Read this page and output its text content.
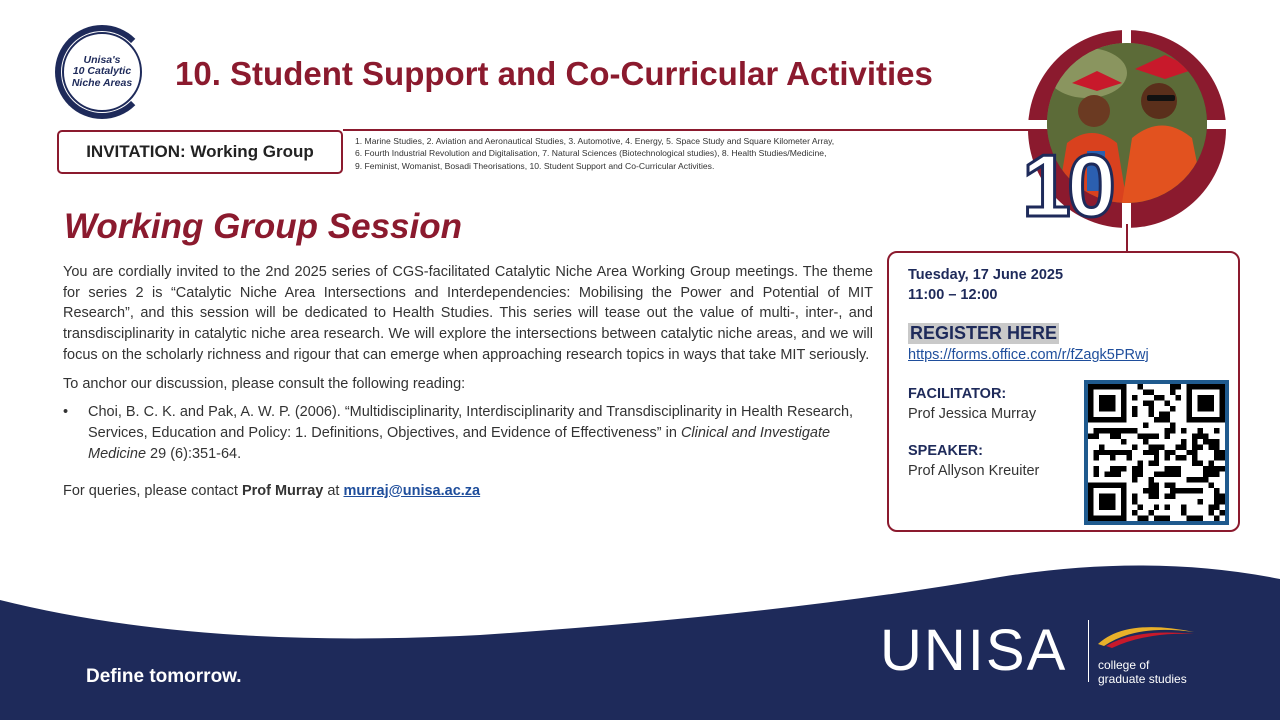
Unisa's
10 Catalytic
Niche Areas 10. Student Support and Co-Curricular Activities
INVITATION: Working Group
1. Marine Studies, 2. Aviation and Aeronautical Studies, 3. Automotive, 4. Energy, 5. Space Study and Square Kilometer Array,
6. Fourth Industrial Revolution and Digitalisation, 7. Natural Sciences (Biotechnological studies), 8. Health Studies/Medicine,
9. Feminist, Womanist, Bosadi Theorisations, 10. Student Support and Co-Curricular Activities.	10
Working Group Session

You are cordially invited to the 2nd 2025 series of CGS-facilitated Catalytic Niche Area Working Group meetings. The theme for series 2 is “Catalytic Niche Area Intersections and Interdependencies: Mobilising the Power and Potential of MIT Research”, and this session will be dedicated to Health Studies. This series will tease out the value of multi-, inter-, and transdisciplinarity in catalytic niche area research. We will explore the intersections between catalytic niche areas, and we will focus on the scholarly richness and rigour that can emerge when approaching research topics in ways that take MIT seriously.

To anchor our discussion, please consult the following reading:

•	Choi, B. C. K. and Pak, A. W. P. (2006). “Multidisciplinarity, Interdisciplinarity and Transdisciplinarity in Health Research, Services, Education and Policy: 1. Definitions, Objectives, and Evidence of Effectiveness” in Clinical and Investigate Medicine 29 (6):351-64.

For queries, please contact Prof Murray at murraj@unisa.ac.za

Tuesday, 17 June 2025
11:00 – 12:00
REGISTER HERE
https://forms.office.com/r/fZagk5PRwj
FACILITATOR:
Prof Jessica Murray
SPEAKER:
Prof Allyson Kreuiter
Define tomorrow.	UNISA	college of
graduate studies
